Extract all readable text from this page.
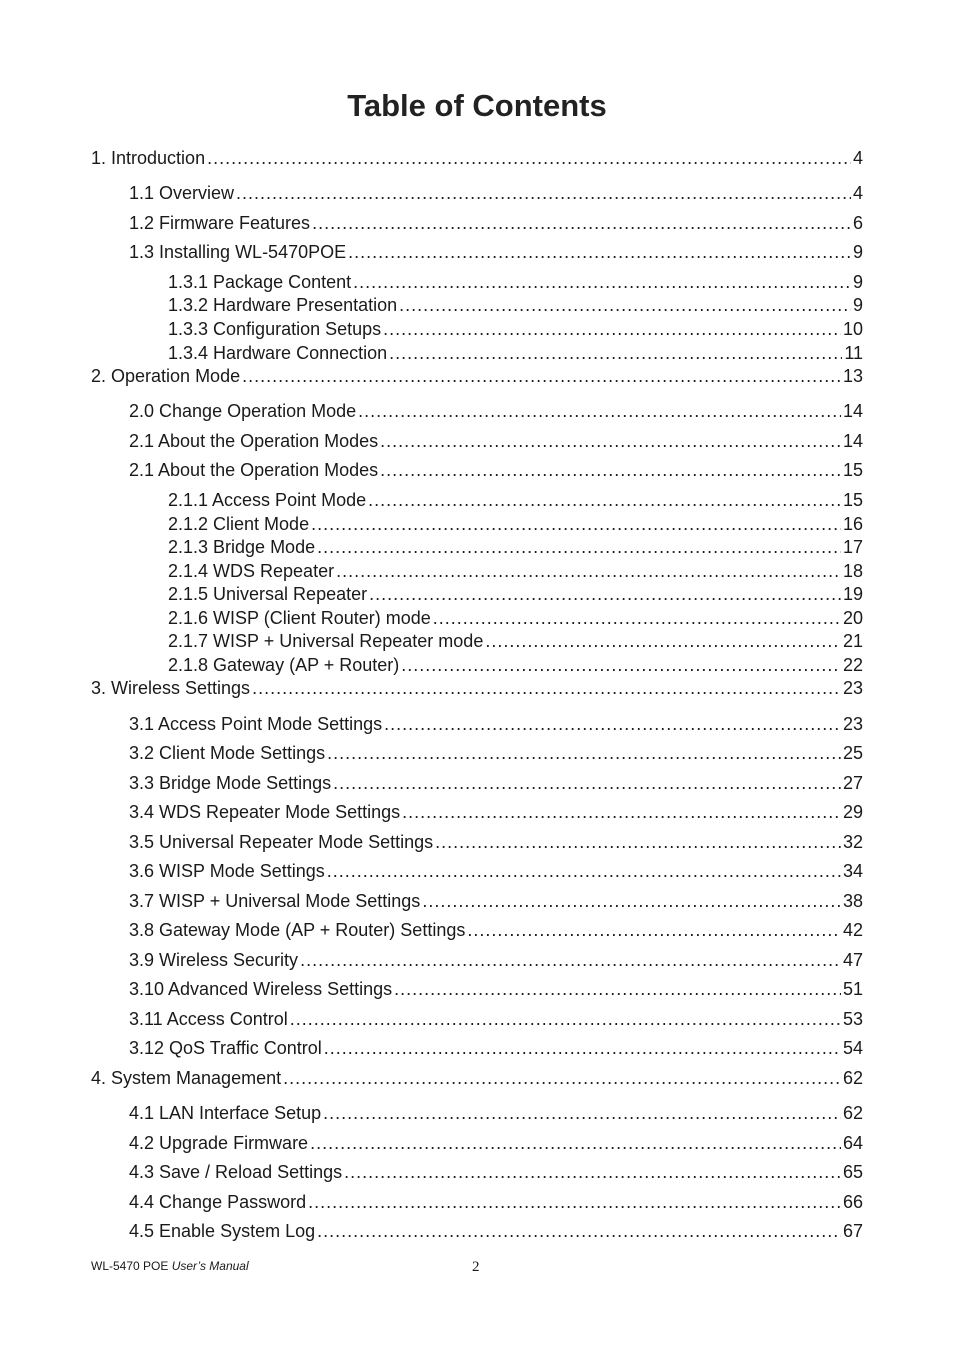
Table of Contents
1. Introduction .....	4
1.1 Overview .....	4
1.2 Firmware Features .....	6
1.3 Installing WL-5470POE .....	9
1.3.1 Package Content .....	9
1.3.2 Hardware Presentation .....	9
1.3.3 Configuration Setups .....	10
1.3.4 Hardware Connection .....	11
2. Operation Mode .....	13
2.0 Change Operation Mode .....	14
2.1 About the Operation Modes .....	14
2.1 About the Operation Modes .....	15
2.1.1 Access Point Mode .....	15
2.1.2 Client Mode .....	16
2.1.3 Bridge Mode .....	17
2.1.4 WDS Repeater .....	18
2.1.5 Universal Repeater .....	19
2.1.6 WISP (Client Router) mode .....	20
2.1.7 WISP + Universal Repeater mode .....	21
2.1.8 Gateway (AP + Router) .....	22
3. Wireless Settings .....	23
3.1 Access Point Mode Settings .....	23
3.2 Client Mode Settings .....	25
3.3 Bridge Mode Settings .....	27
3.4 WDS Repeater Mode Settings .....	29
3.5 Universal Repeater Mode Settings .....	32
3.6 WISP Mode Settings .....	34
3.7 WISP + Universal Mode Settings .....	38
3.8 Gateway Mode (AP + Router) Settings .....	42
3.9 Wireless Security .....	47
3.10 Advanced Wireless Settings .....	51
3.11 Access Control .....	53
3.12 QoS Traffic Control .....	54
4. System Management .....	62
4.1 LAN Interface Setup .....	62
4.2 Upgrade Firmware .....	64
4.3 Save / Reload Settings .....	65
4.4 Change Password .....	66
4.5 Enable System Log .....	67
WL-5470 POE User’s Manual	2
